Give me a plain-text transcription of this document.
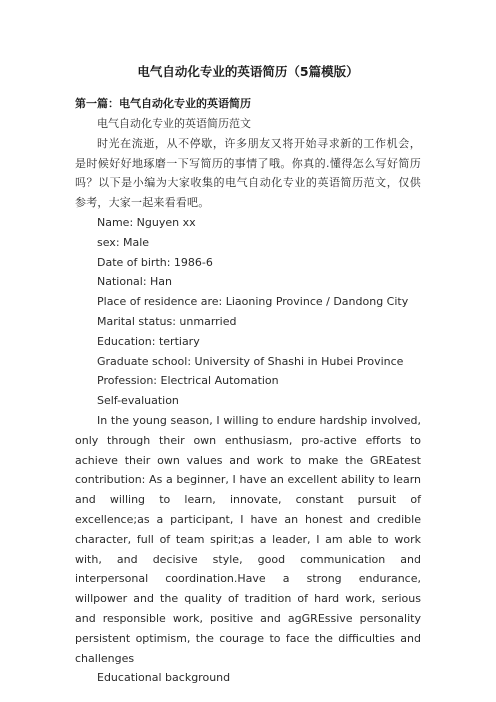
电气自动化专业的英语简历（5篇模版）
第一篇：电气自动化专业的英语简历

电气自动化专业的英语简历范文

时光在流逝，从不停歇，许多朋友又将开始寻求新的工作机会，是时候好好地琢磨一下写简历的事情了哦。你真的.懂得怎么写好简历吗？以下是小编为大家收集的电气自动化专业的英语简历范文，仅供参考，大家一起来看看吧。

Name: Nguyen xx

sex: Male

Date of birth: 1986-6

National: Han

Place of residence are: Liaoning Province / Dandong City

Marital status: unmarried

Education: tertiary

Graduate school: University of Shashi in Hubei Province

Profession: Electrical Automation

Self-evaluation

In the young season, I willing to endure hardship involved, only through their own enthusiasm, pro-active efforts to achieve their own values and work to make the GREatest contribution: As a beginner, I have an excellent ability to learn and willing to learn, innovate, constant pursuit of excellence;as a participant, I have an honest and credible character, full of team spirit;as a leader, I am able to work with, and decisive style, good communication and interpersonal coordination.Have a strong endurance, willpower and the quality of tradition of hard work, serious and responsible work, positive and agGREssive personality persistent optimism, the courage to face the difficulties and challenges

Educational background
